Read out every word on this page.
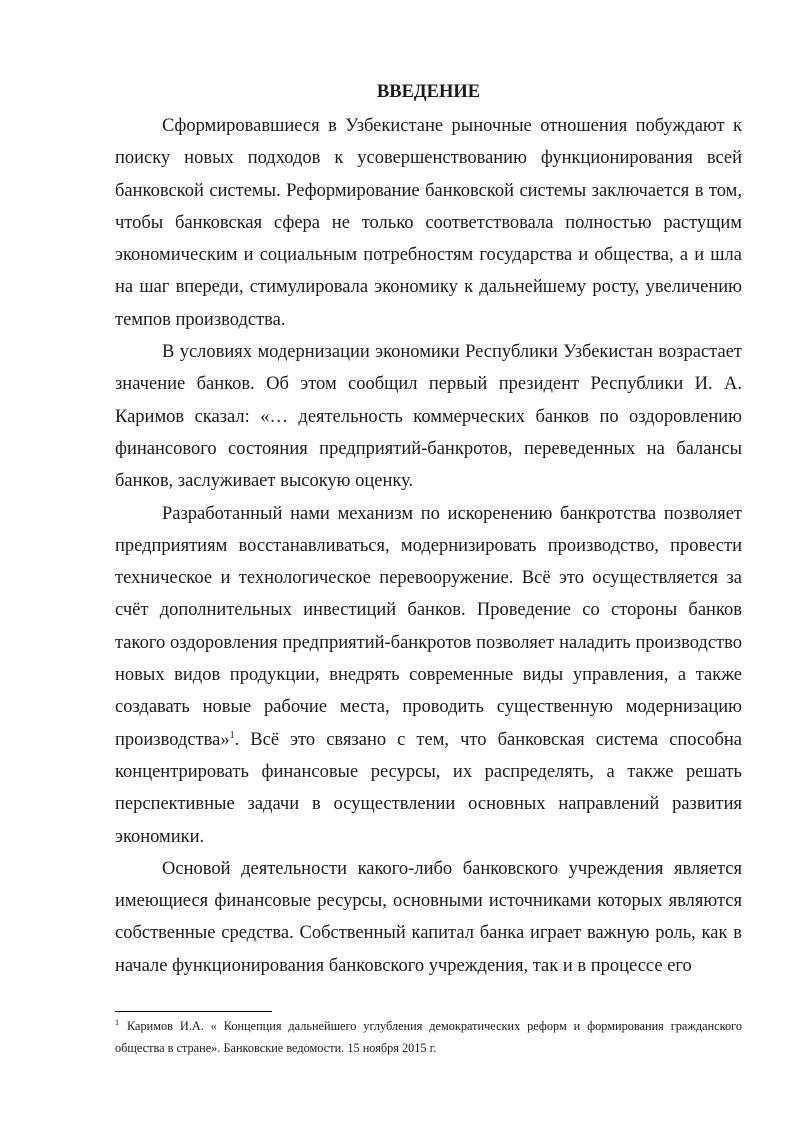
ВВЕДЕНИЕ

Сформировавшиеся в Узбекистане рыночные отношения побуждают к поиску новых подходов к усовершенствованию функционирования всей банковской системы. Реформирование банковской системы заключается в том, чтобы банковская сфера не только соответствовала полностью растущим экономическим и социальным потребностям государства и общества, а и шла на шаг впереди, стимулировала экономику к дальнейшему росту, увеличению темпов производства.

В условиях модернизации экономики Республики Узбекистан возрастает значение банков. Об этом сообщил первый президент Республики И. А. Каримов сказал: «… деятельность коммерческих банков по оздоровлению финансового состояния предприятий-банкротов, переведенных на балансы банков, заслуживает высокую оценку.

Разработанный нами механизм по искоренению банкротства позволяет предприятиям восстанавливаться, модернизировать производство, провести техническое и технологическое перевооружение. Всё это осуществляется за счёт дополнительных инвестиций банков. Проведение со стороны банков такого оздоровления предприятий-банкротов позволяет наладить производство новых видов продукции, внедрять современные виды управления, а также создавать новые рабочие места, проводить существенную модернизацию производства»$^1$. Всё это связано с тем, что банковская система способна концентрировать финансовые ресурсы, их распределять, а также решать перспективные задачи в осуществлении основных направлений развития экономики.

Основой деятельности какого-либо банковского учреждения является имеющиеся финансовые ресурсы, основными источниками которых являются собственные средства. Собственный капитал банка играет важную роль, как в начале функционирования банковского учреждения, так и в процессе его

$^1$ Каримов И.А. « Концепция дальнейшего углубления демократических реформ и формирования гражданского общества в стране». Банковские ведомости. 15 ноября 2015 г.
